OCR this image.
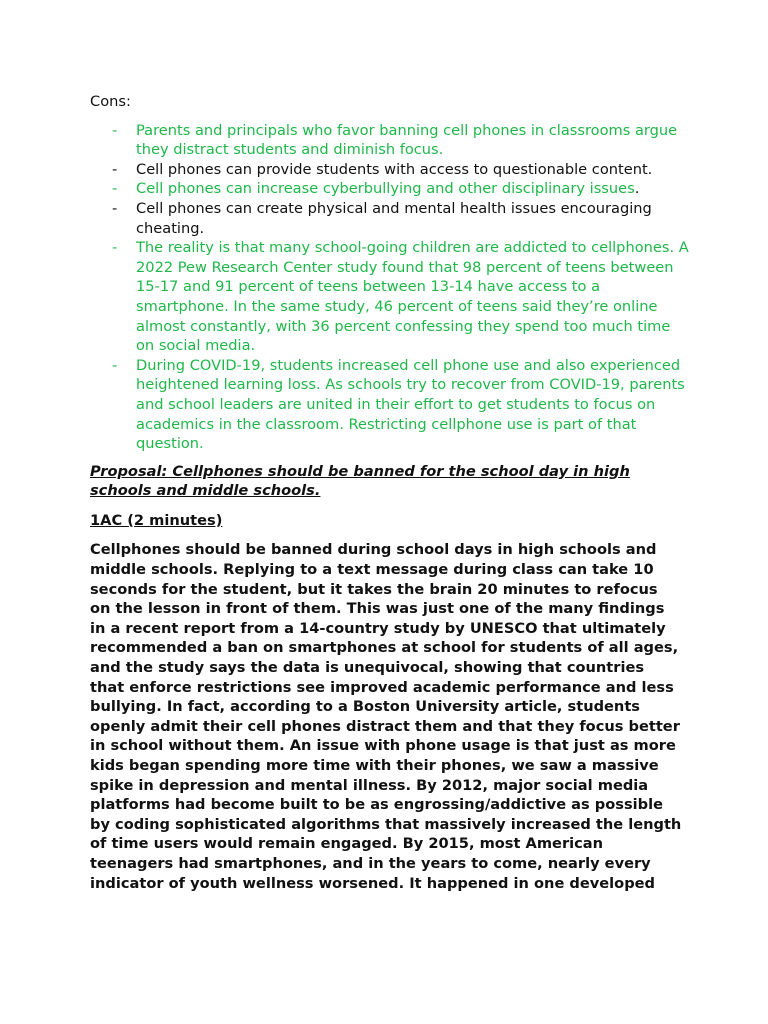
Cons:
- Parents and principals who favor banning cell phones in classrooms argue they distract students and diminish focus.
- Cell phones can provide students with access to questionable content.
- Cell phones can increase cyberbullying and other disciplinary issues.
- Cell phones can create physical and mental health issues encouraging cheating.
- The reality is that many school-going children are addicted to cellphones. A 2022 Pew Research Center study found that 98 percent of teens between 15-17 and 91 percent of teens between 13-14 have access to a smartphone. In the same study, 46 percent of teens said they’re online almost constantly, with 36 percent confessing they spend too much time on social media.
- During COVID-19, students increased cell phone use and also experienced heightened learning loss. As schools try to recover from COVID-19, parents and school leaders are united in their effort to get students to focus on academics in the classroom. Restricting cellphone use is part of that question.
Proposal: Cellphones should be banned for the school day in high schools and middle schools.
1AC (2 minutes)
Cellphones should be banned during school days in high schools and middle schools. Replying to a text message during class can take 10 seconds for the student, but it takes the brain 20 minutes to refocus on the lesson in front of them. This was just one of the many findings in a recent report from a 14-country study by UNESCO that ultimately recommended a ban on smartphones at school for students of all ages, and the study says the data is unequivocal, showing that countries that enforce restrictions see improved academic performance and less bullying. In fact, according to a Boston University article, students openly admit their cell phones distract them and that they focus better in school without them. An issue with phone usage is that just as more kids began spending more time with their phones, we saw a massive spike in depression and mental illness. By 2012, major social media platforms had become built to be as engrossing/addictive as possible by coding sophisticated algorithms that massively increased the length of time users would remain engaged. By 2015, most American teenagers had smartphones, and in the years to come, nearly every indicator of youth wellness worsened. It happened in one developed
